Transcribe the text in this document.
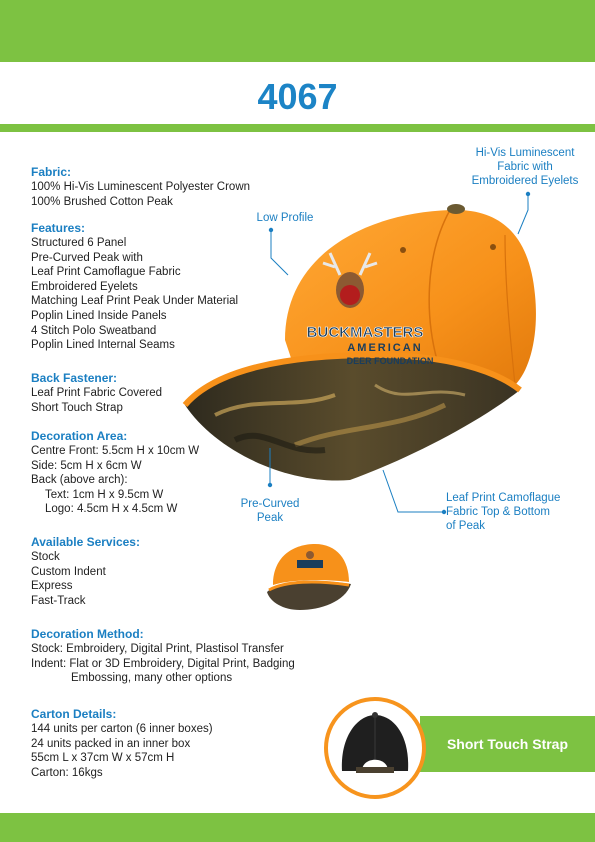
4067
Fabric:
100% Hi-Vis Luminescent Polyester Crown
100% Brushed Cotton Peak
Features:
Structured 6 Panel
Pre-Curved Peak with
Leaf Print Camoflague Fabric
Embroidered Eyelets
Matching Leaf Print Peak Under Material
Poplin Lined Inside Panels
4 Stitch Polo Sweatband
Poplin Lined Internal Seams
Back Fastener:
Leaf Print Fabric Covered
Short Touch Strap
Decoration Area:
Centre Front: 5.5cm H x 10cm W
Side: 5cm H x 6cm W
Back (above arch):
Text: 1cm H x 9.5cm W
Logo: 4.5cm H x 4.5cm W
Available Services:
Stock
Custom Indent
Express
Fast-Track
Decoration Method:
Stock: Embroidery, Digital Print, Plastisol Transfer
Indent: Flat or 3D Embroidery, Digital Print, Badging
Embossing, many other options
Carton Details:
144 units per carton (6 inner boxes)
24 units packed in an inner box
55cm L x 37cm W x 57cm H
Carton: 16kgs
BUCKMASTERS
AMERICAN
DEER FOUNDATION
Hi-Vis Luminescent
Fabric with
Embroidered Eyelets
Low Profile
Pre-Curved
Peak
Leaf Print Camoflague
Fabric Top & Bottom
of Peak
Short Touch Strap
